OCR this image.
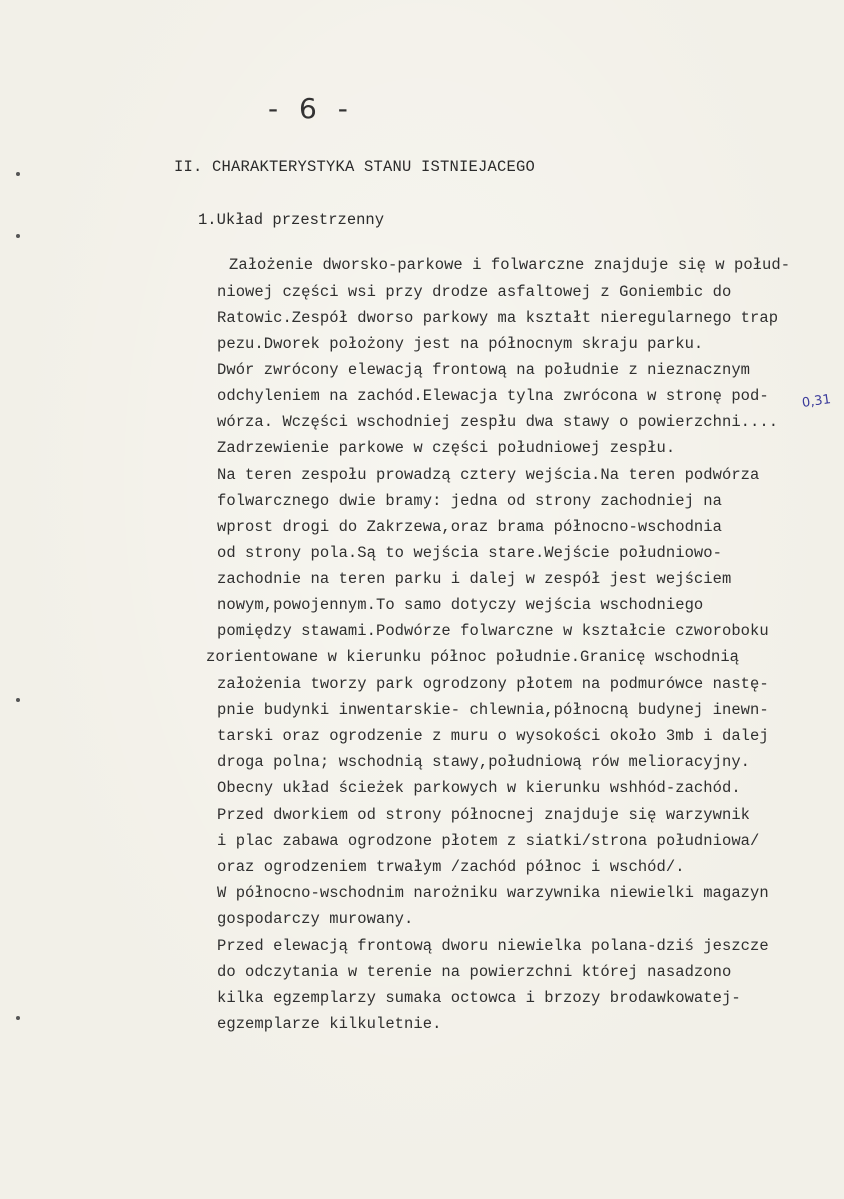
- 6 -
II. CHARAKTERYSTYKA STANU ISTNIEJACEGO
1.Układ przestrzenny
0,31
Założenie dworsko-parkowe i folwarczne znajduje się w połud-
niowej części wsi przy drodze asfaltowej z Goniembic do
Ratowic.Zespół dworso parkowy ma kształt nieregularnego trap
pezu.Dworek położony jest na północnym skraju parku.
Dwór zwrócony elewacją frontową na południe z nieznacznym
odchyleniem na zachód.Elewacja tylna zwrócona w stronę pod-
wórza. Wczęści wschodniej zespłu dwa stawy o powierzchni....
Zadrzewienie parkowe w części południowej zespłu.
Na teren zespołu prowadzą cztery wejścia.Na teren podwórza
folwarcznego dwie bramy: jedna od strony zachodniej na
wprost drogi do Zakrzewa,oraz brama północno-wschodnia
od strony pola.Są to wejścia stare.Wejście południowo-
zachodnie na teren parku i dalej w zespół jest wejściem
nowym,powojennym.To samo dotyczy wejścia wschodniego
pomiędzy stawami.Podwórze folwarczne w kształcie czworoboku
zorientowane w kierunku północ południe.Granicę wschodnią
założenia tworzy park ogrodzony płotem na podmurówce nastę-
pnie budynki inwentarskie- chlewnia,północną budynej inewn-
tarski oraz ogrodzenie z muru o wysokości około 3mb i dalej
droga polna; wschodnią stawy,południową rów melioracyjny.
Obecny układ ścieżek parkowych w kierunku wshhód-zachód.
Przed dworkiem od strony północnej znajduje się warzywnik
i plac zabawa ogrodzone płotem z siatki/strona południowa/
oraz ogrodzeniem trwałym /zachód północ i wschód/.
W północno-wschodnim narożniku warzywnika niewielki magazyn
gospodarczy murowany.
Przed elewacją frontową dworu niewielka polana-dziś jeszcze
do odczytania w terenie na powierzchni której nasadzono
kilka egzemplarzy sumaka octowca i brzozy brodawkowatej-
egzemplarze kilkuletnie.
